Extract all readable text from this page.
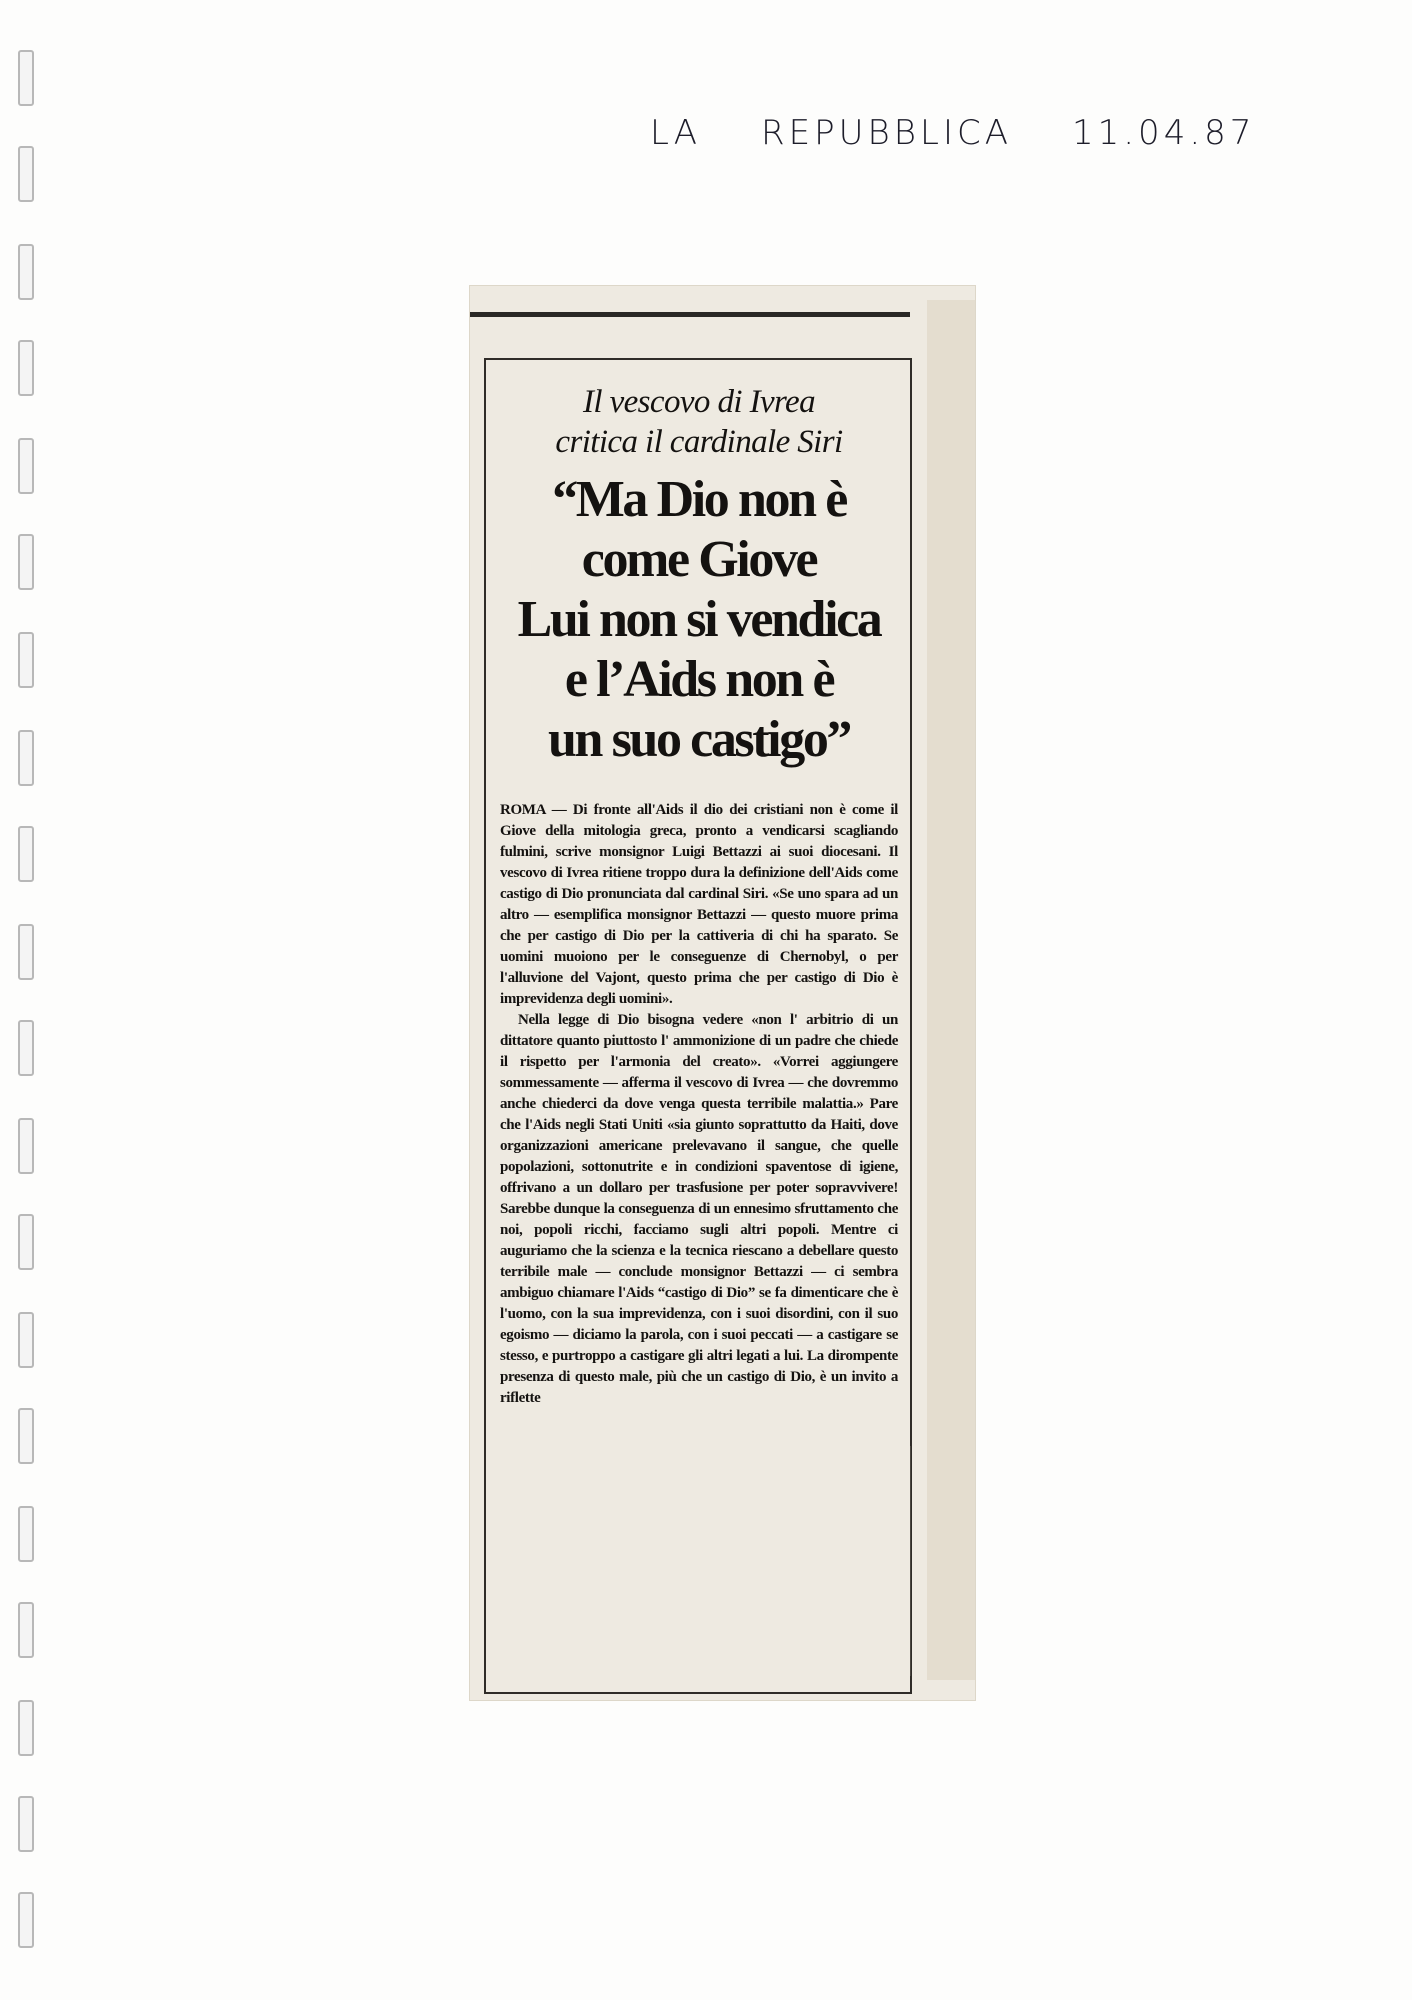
LA REPUBBLICA 11.04.87
Il vescovo di Ivrea
critica il cardinale Siri
“Ma Dio non è
come Giove
Lui non si vendica
e l’Aids non è
un suo castigo”

ROMA — Di fronte all'Aids il dio dei cristiani non è come il Giove della mitologia greca, pronto a vendicarsi scagliando fulmini, scrive monsignor Luigi Bettazzi ai suoi diocesani. Il vescovo di Ivrea ritiene troppo dura la definizione dell'Aids come castigo di Dio pronunciata dal cardinal Siri. «Se uno spara ad un altro — esemplifica monsignor Bettazzi — questo muore prima che per castigo di Dio per la cattiveria di chi ha sparato. Se uomini muoiono per le conseguenze di Chernobyl, o per l'alluvione del Vajont, questo prima che per castigo di Dio è imprevidenza degli uomini».

Nella legge di Dio bisogna vedere «non l' arbitrio di un dittatore quanto piuttosto l' ammonizione di un padre che chiede il rispetto per l'armonia del creato». «Vorrei aggiungere sommessamente — afferma il vescovo di Ivrea — che dovremmo anche chiederci da dove venga questa terribile malattia.» Pare che l'Aids negli Stati Uniti «sia giunto soprattutto da Haiti, dove organizzazioni americane prelevavano il sangue, che quelle popolazioni, sottonutrite e in condizioni spaventose di igiene, offrivano a un dollaro per trasfusione per poter sopravvivere! Sarebbe dunque la conseguenza di un ennesimo sfruttamento che noi, popoli ricchi, facciamo sugli altri popoli. Mentre ci auguriamo che la scienza e la tecnica riescano a debellare questo terribile male — conclude monsignor Bettazzi — ci sembra ambiguo chiamare l'Aids “castigo di Dio” se fa dimenticare che è l'uomo, con la sua imprevidenza, con i suoi disordini, con il suo egoismo — diciamo la parola, con i suoi peccati — a castigare se stesso, e purtroppo a castigare gli altri legati a lui. La dirompente presenza di questo male, più che un castigo di Dio, è un invito a riflette
